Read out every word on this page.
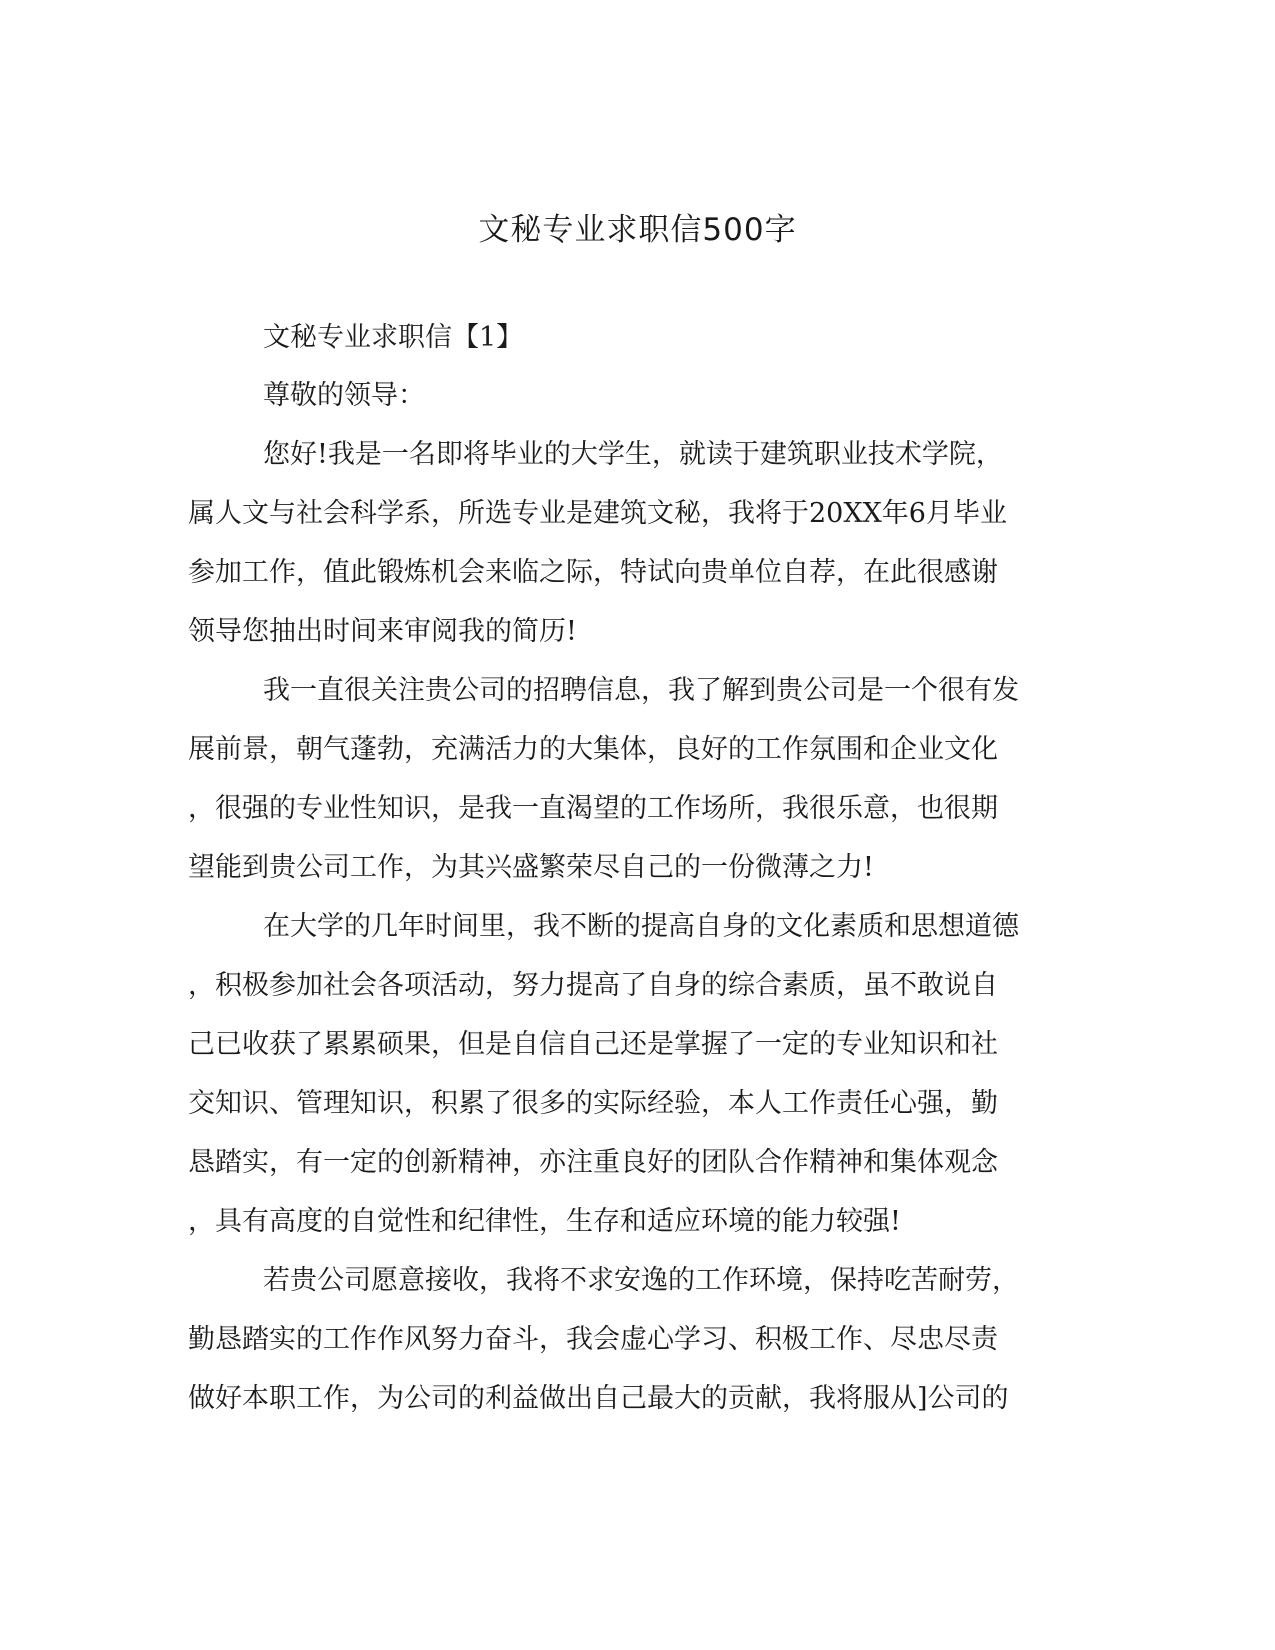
文秘专业求职信500字

文秘专业求职信【1】

尊敬的领导：

您好!我是一名即将毕业的大学生，就读于建筑职业技术学院，

属人文与社会科学系，所选专业是建筑文秘，我将于20XX年6月毕业

参加工作，值此锻炼机会来临之际，特试向贵单位自荐，在此很感谢

领导您抽出时间来审阅我的简历!

我一直很关注贵公司的招聘信息，我了解到贵公司是一个很有发

展前景，朝气蓬勃，充满活力的大集体，良好的工作氛围和企业文化

，很强的专业性知识，是我一直渴望的工作场所，我很乐意，也很期

望能到贵公司工作，为其兴盛繁荣尽自己的一份微薄之力!

在大学的几年时间里，我不断的提高自身的文化素质和思想道德

，积极参加社会各项活动，努力提高了自身的综合素质，虽不敢说自

己已收获了累累硕果，但是自信自己还是掌握了一定的专业知识和社

交知识、管理知识，积累了很多的实际经验，本人工作责任心强，勤

恳踏实，有一定的创新精神，亦注重良好的团队合作精神和集体观念

，具有高度的自觉性和纪律性，生存和适应环境的能力较强!

若贵公司愿意接收，我将不求安逸的工作环境，保持吃苦耐劳，

勤恳踏实的工作作风努力奋斗，我会虚心学习、积极工作、尽忠尽责

做好本职工作，为公司的利益做出自己最大的贡献，我将服从]公司的
